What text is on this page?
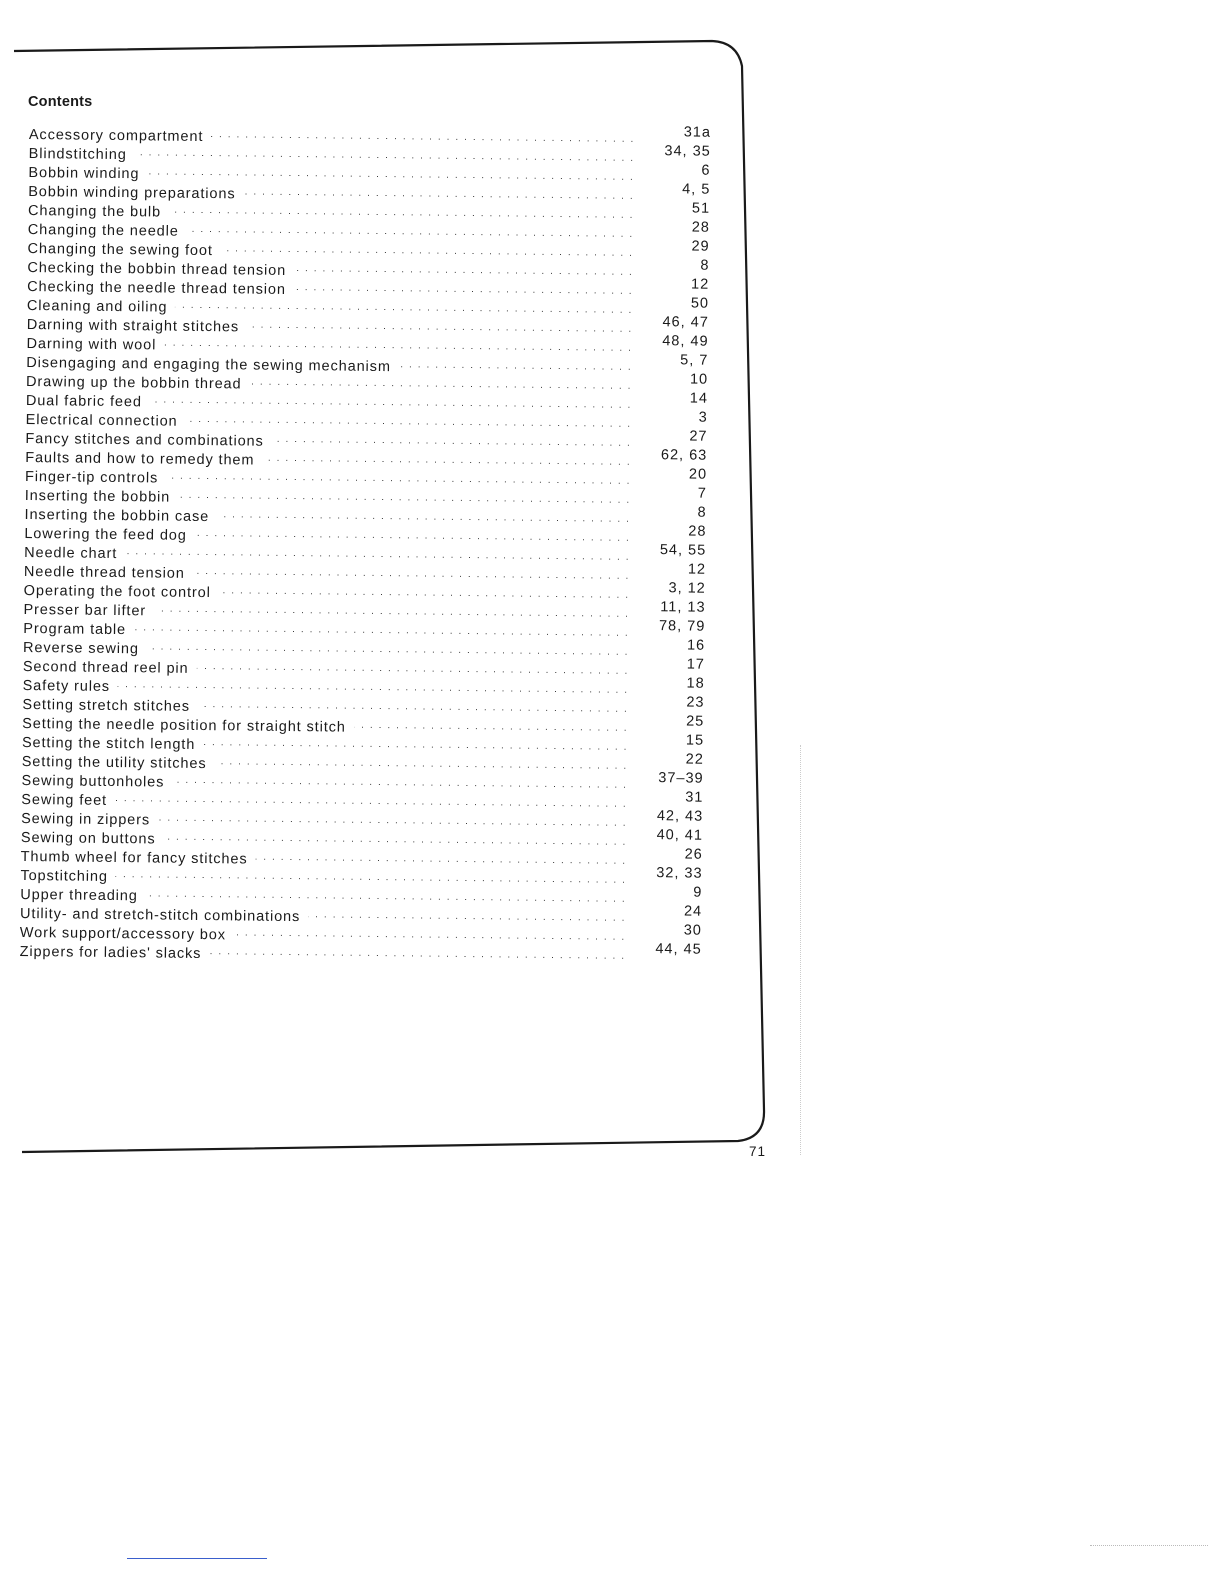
Contents
Accessory compartment . . .	31a
Blindstitching . . .	34, 35
Bobbin winding . . .	6
Bobbin winding preparations . . .	4, 5
Changing the bulb . . .	51
Changing the needle . . .	28
Changing the sewing foot . . .	29
Checking the bobbin thread tension . . .	8
Checking the needle thread tension . . .	12
Cleaning and oiling . . .	50
Darning with straight stitches . . .	46, 47
Darning with wool . . .	48, 49
Disengaging and engaging the sewing mechanism . . .	5, 7
Drawing up the bobbin thread . . .	10
Dual fabric feed . . .	14
Electrical connection . . .	3
Fancy stitches and combinations . . .	27
Faults and how to remedy them . . .	62, 63
Finger-tip controls . . .	20
Inserting the bobbin . . .	7
Inserting the bobbin case . . .	8
Lowering the feed dog . . .	28
Needle chart . . .	54, 55
Needle thread tension . . .	12
Operating the foot control . . .	3, 12
Presser bar lifter . . .	11, 13
Program table . . .	78, 79
Reverse sewing . . .	16
Second thread reel pin . . .	17
Safety rules . . .	18
Setting stretch stitches . . .	23
Setting the needle position for straight stitch . . .	25
Setting the stitch length . . .	15
Setting the utility stitches . . .	22
Sewing buttonholes . . .	37–39
Sewing feet . . .	31
Sewing in zippers . . .	42, 43
Sewing on buttons . . .	40, 41
Thumb wheel for fancy stitches . . .	26
Topstitching . . .	32, 33
Upper threading . . .	9
Utility- and stretch-stitch combinations . . .	24
Work support/accessory box . . .	30
Zippers for ladies' slacks . . .	44, 45
71
